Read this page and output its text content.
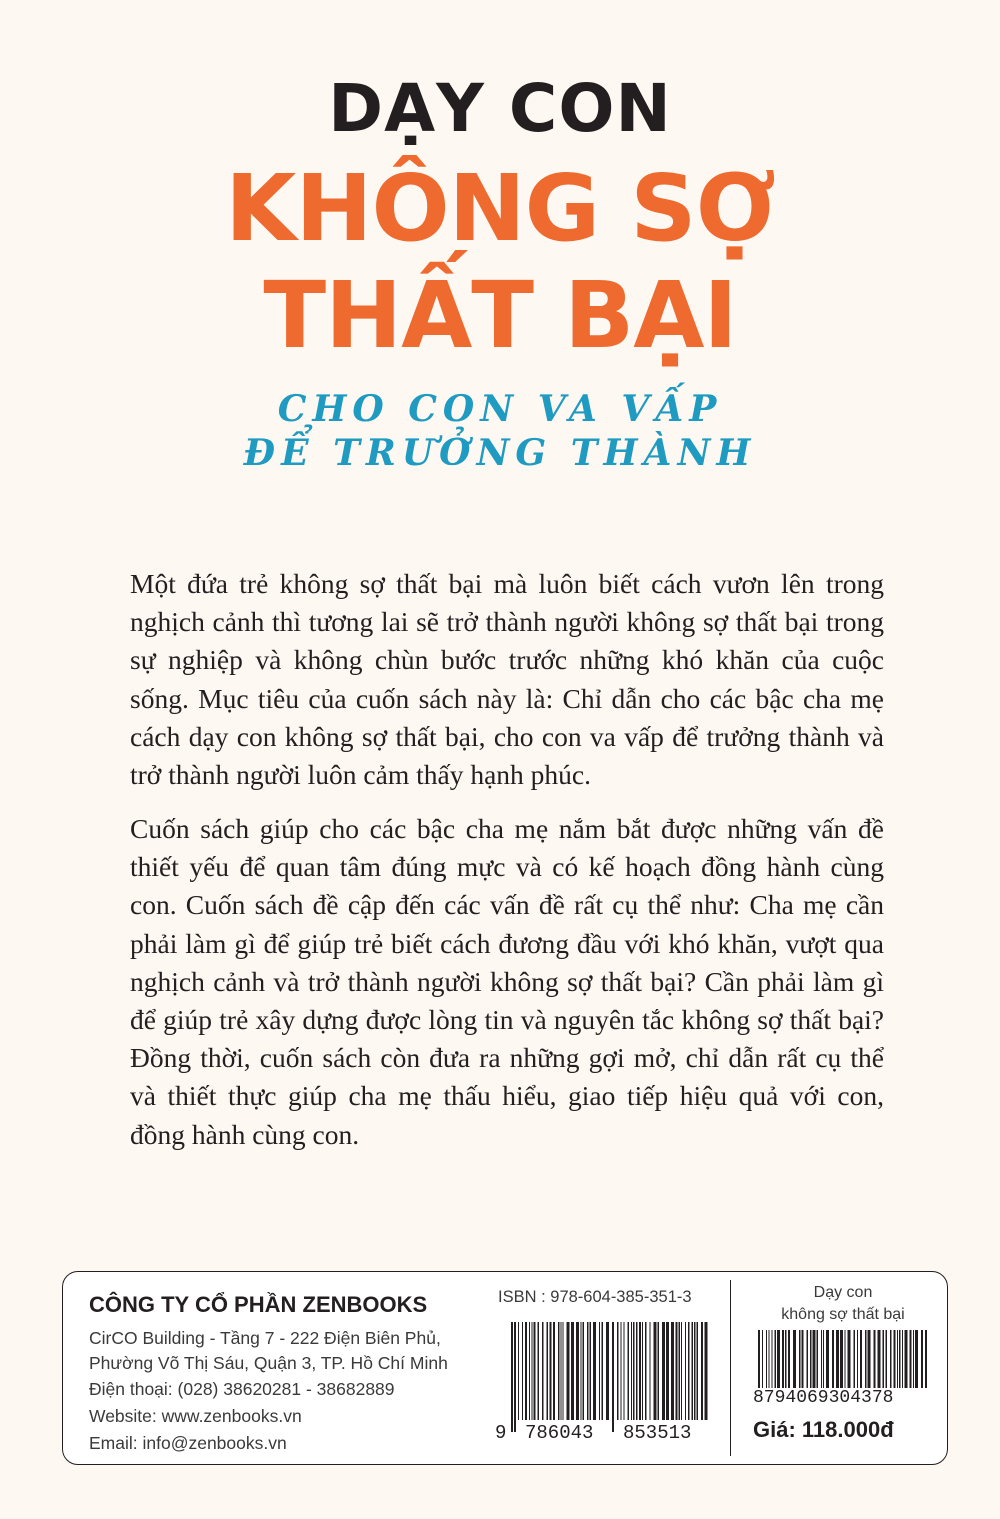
DẠY CON
KHÔNG SỢ
THẤT BẠI
CHO CON VA VẤP
ĐỂ TRƯỞNG THÀNH

Một đứa trẻ không sợ thất bại mà luôn biết cách vươn lên trong nghịch cảnh thì tương lai sẽ trở thành người không sợ thất bại trong sự nghiệp và không chùn bước trước những khó khăn của cuộc sống. Mục tiêu của cuốn sách này là: Chỉ dẫn cho các bậc cha mẹ cách dạy con không sợ thất bại, cho con va vấp để trưởng thành và trở thành người luôn cảm thấy hạnh phúc.

Cuốn sách giúp cho các bậc cha mẹ nắm bắt được những vấn đề thiết yếu để quan tâm đúng mực và có kế hoạch đồng hành cùng con. Cuốn sách đề cập đến các vấn đề rất cụ thể như: Cha mẹ cần phải làm gì để giúp trẻ biết cách đương đầu với khó khăn, vượt qua nghịch cảnh và trở thành người không sợ thất bại? Cần phải làm gì để giúp trẻ xây dựng được lòng tin và nguyên tắc không sợ thất bại? Đồng thời, cuốn sách còn đưa ra những gợi mở, chỉ dẫn rất cụ thể và thiết thực giúp cha mẹ thấu hiểu, giao tiếp hiệu quả với con, đồng hành cùng con.

CÔNG TY CỔ PHẦN ZENBOOKS
CirCO Building - Tầng 7 - 222 Điện Biên Phủ,
Phường Võ Thị Sáu, Quận 3, TP. Hồ Chí Minh
Điện thoại: (028) 38620281 - 38682889
Website: www.zenbooks.vn
Email: info@zenbooks.vn
ISBN : 978-604-385-351-3
9 786043 853513
Dạy con
không sợ thất bại
8794069304378
Giá: 118.000đ
